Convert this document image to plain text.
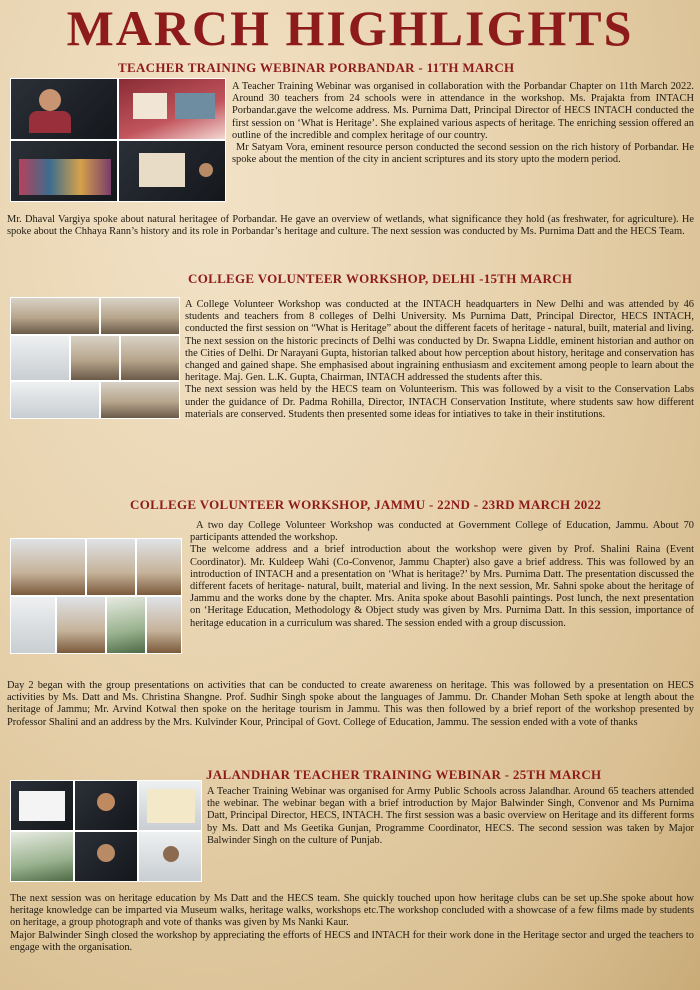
MARCH HIGHLIGHTS
TEACHER TRAINING WEBINAR PORBANDAR - 11TH MARCH

A Teacher Training Webinar was organised in collaboration with the Porbandar Chapter on 11th March 2022. Around 30 teachers from 24 schools were in attendance in the workshop. Ms. Prajakta from INTACH Porbandar.gave the welcome address. Ms. Purnima Datt, Principal Director of HECS INTACH conducted the first session on ‘What is Heritage’. She explained various aspects of heritage. The enriching session offered an outline of the incredible and complex heritage of our country.

Mr Satyam Vora, eminent resource person conducted the second session on the rich history of Porbandar. He spoke about the mention of the city in ancient scriptures and its story upto the modern period.

Mr. Dhaval Vargiya spoke about natural heritagee of Porbandar. He gave an overview of wetlands, what significance they hold (as freshwater, for agriculture). He spoke about the Chhaya Rann’s history and its role in Porbandar’s heritage and culture. The next session was conducted by Ms. Purnima Datt and the HECS Team.

COLLEGE VOLUNTEER WORKSHOP, DELHI -15TH MARCH

A College Volunteer Workshop was conducted at the INTACH headquarters in New Delhi and was attended by 46 students and teachers from 8 colleges of Delhi University. Ms Purnima Datt, Principal Director, HECS INTACH, conducted the first session on “What is Heritage” about the different facets of heritage - natural, built, material and living. The next session on the historic precincts of Delhi was conducted by Dr. Swapna Liddle, eminent historian and author on the Cities of Delhi. Dr Narayani Gupta, historian talked about how perception about history, heritage and conservation has changed and gained shape. She emphasised about ingraining enthusiasm and excitement among people to learn about the heritage. Maj. Gen. L.K. Gupta, Chairman, INTACH addressed the students after this.

The next session was held by the HECS team on Volunteerism. This was followed by a visit to the Conservation Labs under the guidance of Dr. Padma Rohilla, Director, INTACH Conservation Institute, where students saw how different materials are conserved. Students then presented some ideas for intiatives to take in their institutions.

COLLEGE VOLUNTEER WORKSHOP, JAMMU - 22ND - 23RD MARCH 2022

A two day College Volunteer Workshop was conducted at Government College of Education, Jammu. About 70 participants attended the workshop.

The welcome address and a brief introduction about the workshop were given by Prof. Shalini Raina (Event Coordinator). Mr. Kuldeep Wahi (Co-Convenor, Jammu Chapter) also gave a brief address. This was followed by an introduction of INTACH and a presentation on ‘What is heritage?’ by Mrs. Purnima Datt. The presentation discussed the different facets of heritage- natural, built, material and living. In the next session, Mr. Sahni spoke about the heritage of Jammu and the works done by the chapter. Mrs. Anita spoke about Basohli paintings. Post lunch, the next presentation on ‘Heritage Education, Methodology & Object study was given by Mrs. Purnima Datt. In this session, importance of heritage education in a curriculum was shared. The session ended with a group discussion.

Day 2 began with the group presentations on activities that can be conducted to create awareness on heritage. This was followed by a presentation on HECS activities by Ms. Datt and Ms. Christina Shangne. Prof. Sudhir Singh spoke about the languages of Jammu. Dr. Chander Mohan Seth spoke at length about the heritage of Jammu; Mr. Arvind Kotwal then spoke on the heritage tourism in Jammu. This was then followed by a brief report of the workshop presented by Professor Shalini and an address by the Mrs. Kulvinder Kour, Principal of Govt. College of Education, Jammu. The session ended with a vote of thanks

JALANDHAR TEACHER TRAINING WEBINAR - 25TH MARCH

A Teacher Training Webinar was organised for Army Public Schools across Jalandhar. Around 65 teachers attended the webinar. The webinar began with a brief introduction by Major Balwinder Singh, Convenor and Ms Purnima Datt, Principal Director, HECS, INTACH. The first session was a basic overview on Heritage and its different forms by Ms. Datt and Ms Geetika Gunjan, Programme Coordinator, HECS. The second session was taken by Major Balwinder Singh on the culture of Punjab.

The next session was on heritage education by Ms Datt and the HECS team. She quickly touched upon how heritage clubs can be set up.She spoke about how heritage knowledge can be imparted via Museum walks, heritage walks, workshops etc.The workshop concluded with a showcase of a few films made by students on heritage, a group photograph and vote of thanks was given by Ms Nanki Kaur.

Major Balwinder Singh closed the workshop by appreciating the efforts of HECS and INTACH for their work done in the Heritage sector and urged the teachers to engage with the organisation.
